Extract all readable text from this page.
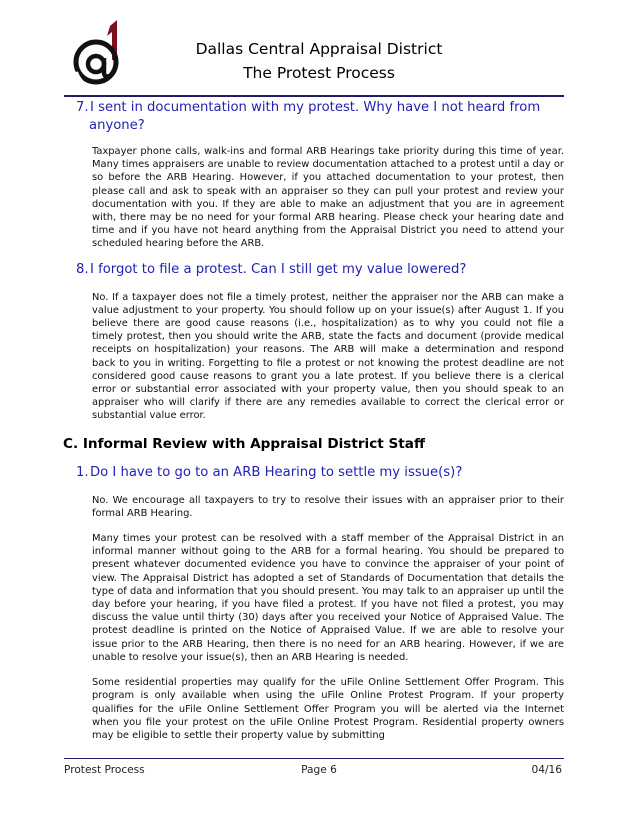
Dallas Central Appraisal District
The Protest Process

7.I sent in documentation with my protest. Why have I not heard from anyone?

Taxpayer phone calls, walk-ins and formal ARB Hearings take priority during this time of year. Many times appraisers are unable to review documentation attached to a protest until a day or so before the ARB Hearing. However, if you attached documentation to your protest, then please call and ask to speak with an appraiser so they can pull your protest and review your documentation with you. If they are able to make an adjustment that you are in agreement with, there may be no need for your formal ARB hearing. Please check your hearing date and time and if you have not heard anything from the Appraisal District you need to attend your scheduled hearing before the ARB.

8.I forgot to file a protest. Can I still get my value lowered?

No. If a taxpayer does not file a timely protest, neither the appraiser nor the ARB can make a value adjustment to your property. You should follow up on your issue(s) after August 1. If you believe there are good cause reasons (i.e., hospitalization) as to why you could not file a timely protest, then you should write the ARB, state the facts and document (provide medical receipts on hospitalization) your reasons. The ARB will make a determination and respond back to you in writing. Forgetting to file a protest or not knowing the protest deadline are not considered good cause reasons to grant you a late protest. If you believe there is a clerical error or substantial error associated with your property value, then you should speak to an appraiser who will clarify if there are any remedies available to correct the clerical error or substantial value error.

C. Informal Review with Appraisal District Staff

1.Do I have to go to an ARB Hearing to settle my issue(s)?

No. We encourage all taxpayers to try to resolve their issues with an appraiser prior to their formal ARB Hearing.

Many times your protest can be resolved with a staff member of the Appraisal District in an informal manner without going to the ARB for a formal hearing. You should be prepared to present whatever documented evidence you have to convince the appraiser of your point of view. The Appraisal District has adopted a set of Standards of Documentation that details the type of data and information that you should present. You may talk to an appraiser up until the day before your hearing, if you have filed a protest. If you have not filed a protest, you may discuss the value until thirty (30) days after you received your Notice of Appraised Value. The protest deadline is printed on the Notice of Appraised Value. If we are able to resolve your issue prior to the ARB Hearing, then there is no need for an ARB hearing. However, if we are unable to resolve your issue(s), then an ARB Hearing is needed.

Some residential properties may qualify for the uFile Online Settlement Offer Program. This program is only available when using the uFile Online Protest Program. If your property qualifies for the uFile Online Settlement Offer Program you will be alerted via the Internet when you file your protest on the uFile Online Protest Program. Residential property owners may be eligible to settle their property value by submitting

Protest Process	Page 6	04/16
